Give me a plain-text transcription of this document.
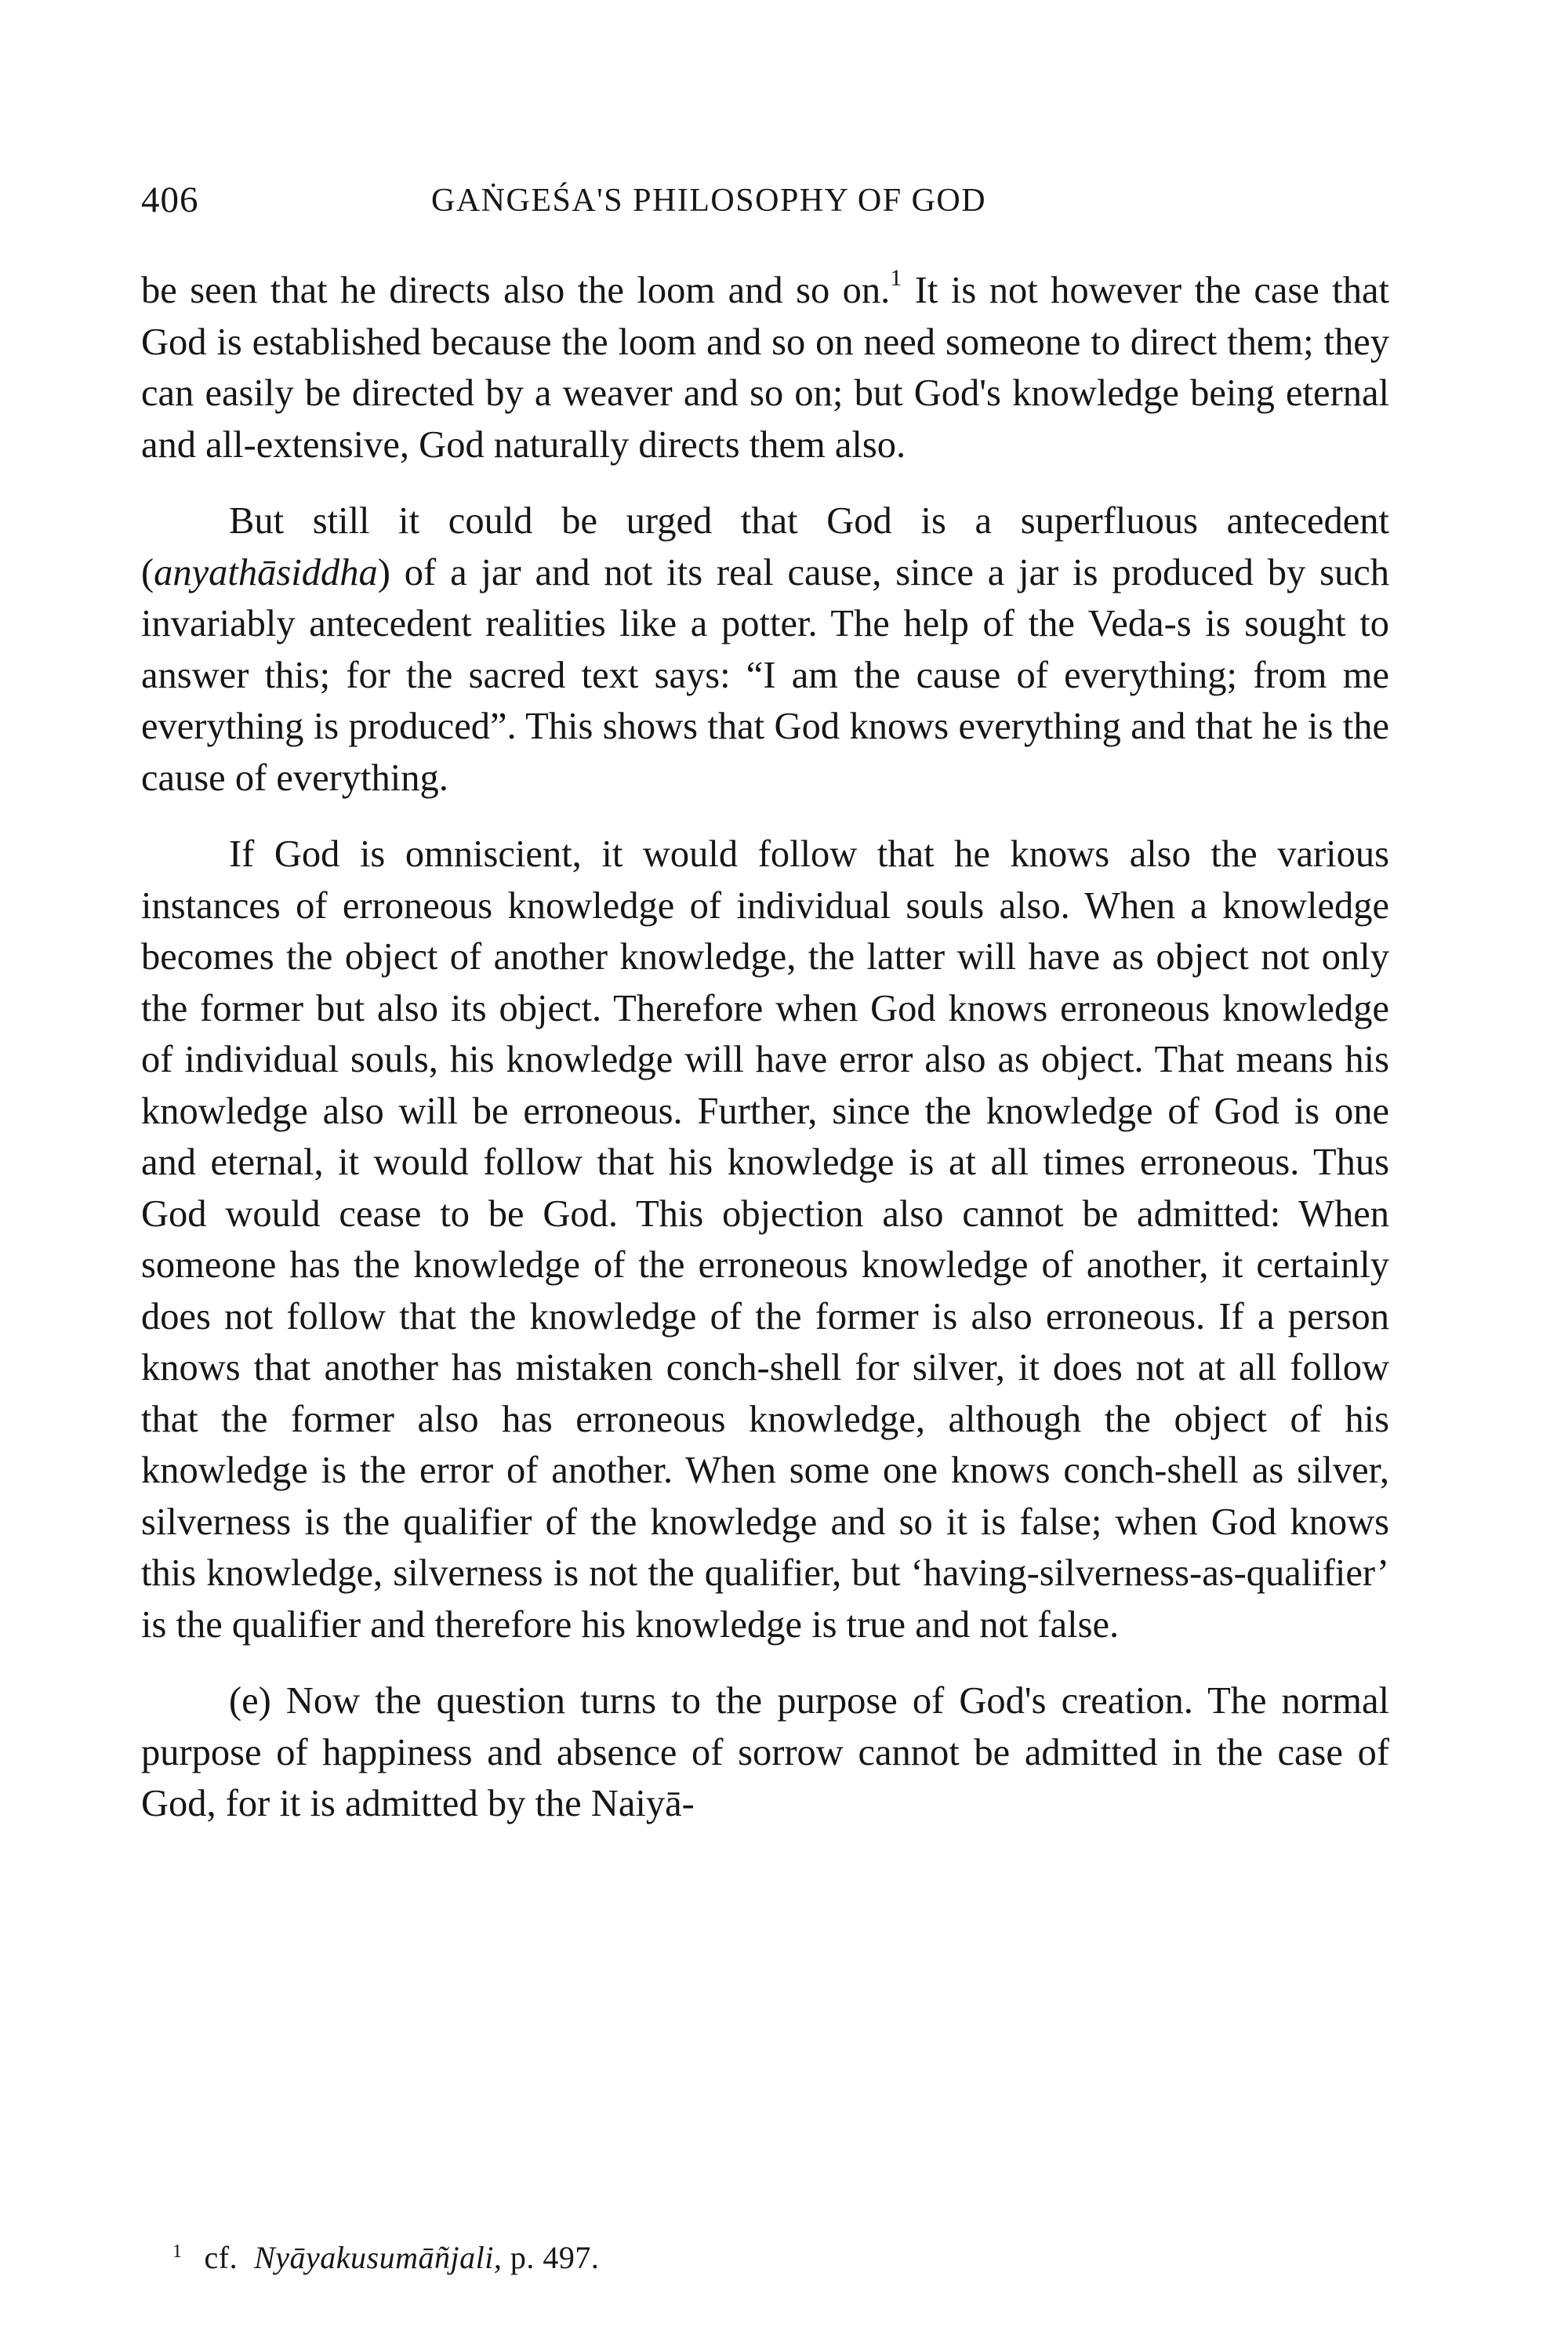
406	GAṄGEŚA'S PHILOSOPHY OF GOD

be seen that he directs also the loom and so on.$^1$ It is not however the case that God is established because the loom and so on need someone to direct them; they can easily be directed by a weaver and so on; but God's knowledge being eternal and all-extensive, God naturally directs them also.

But still it could be urged that God is a superfluous antecedent (anyathāsiddha) of a jar and not its real cause, since a jar is produced by such invariably antecedent realities like a potter. The help of the Veda-s is sought to answer this; for the sacred text says: “I am the cause of everything; from me everything is produced”. This shows that God knows everything and that he is the cause of everything.

If God is omniscient, it would follow that he knows also the various instances of erroneous knowledge of individual souls also. When a knowledge becomes the object of another knowledge, the latter will have as object not only the former but also its object. Therefore when God knows erroneous knowledge of individual souls, his knowledge will have error also as object. That means his knowledge also will be erroneous. Further, since the knowledge of God is one and eternal, it would follow that his knowledge is at all times erroneous. Thus God would cease to be God. This objection also cannot be admitted: When someone has the knowledge of the erroneous knowledge of another, it certainly does not follow that the knowledge of the former is also erroneous. If a person knows that another has mistaken conch-shell for silver, it does not at all follow that the former also has erroneous knowledge, although the object of his knowledge is the error of another. When some one knows conch-shell as silver, silverness is the qualifier of the knowledge and so it is false; when God knows this knowledge, silverness is not the qualifier, but ‘having-silverness-as-qualifier’ is the qualifier and therefore his knowledge is true and not false.

(e) Now the question turns to the purpose of God's creation. The normal purpose of happiness and absence of sorrow cannot be admitted in the case of God, for it is admitted by the Naiyā-

$^1$ cf. Nyāyakusumāñjali, p. 497.
